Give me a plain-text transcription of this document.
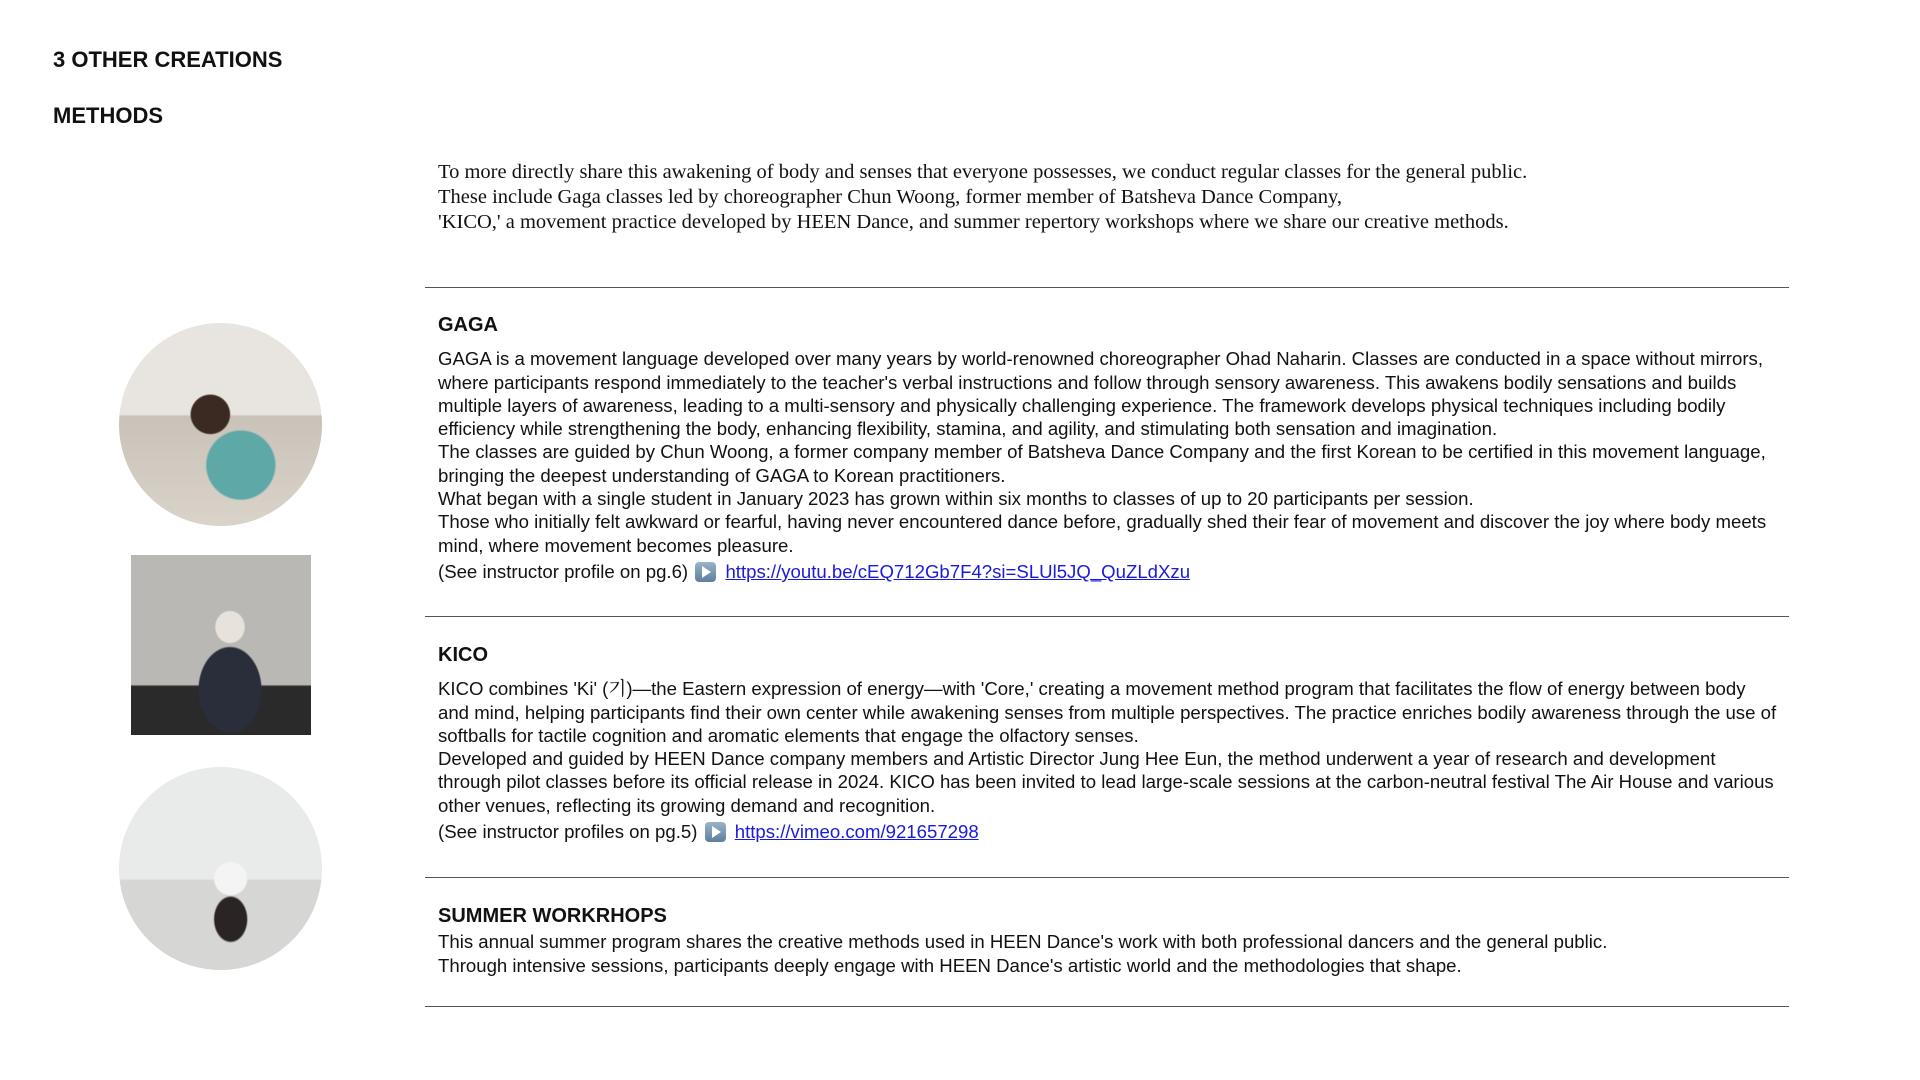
3 OTHER CREATIONS
METHODS
To more directly share this awakening of body and senses that everyone possesses, we conduct regular classes for the general public.
These include Gaga classes led by choreographer Chun Woong, former member of Batsheva Dance Company,
'KICO,' a movement practice developed by HEEN Dance, and summer repertory workshops where we share our creative methods.
GAGA

GAGA is a movement language developed over many years by world-renowned choreographer Ohad Naharin. Classes are conducted in a space without mirrors, where participants respond immediately to the teacher's verbal instructions and follow through sensory awareness. This awakens bodily sensations and builds multiple layers of awareness, leading to a multi-sensory and physically challenging experience. The framework develops physical techniques including bodily efficiency while strengthening the body, enhancing flexibility, stamina, and agility, and stimulating both sensation and imagination.

The classes are guided by Chun Woong, a former company member of Batsheva Dance Company and the first Korean to be certified in this movement language, bringing the deepest understanding of GAGA to Korean practitioners.

What began with a single student in January 2023 has grown within six months to classes of up to 20 participants per session.

Those who initially felt awkward or fearful, having never encountered dance before, gradually shed their fear of movement and discover the joy where body meets mind, where movement becomes pleasure.

(See instructor profile on pg.6) https://youtu.be/cEQ712Gb7F4?si=SLUl5JQ_QuZLdXzu

KICO

KICO combines 'Ki' (기)—the Eastern expression of energy—with 'Core,' creating a movement method program that facilitates the flow of energy between body and mind, helping participants find their own center while awakening senses from multiple perspectives. The practice enriches bodily awareness through the use of softballs for tactile cognition and aromatic elements that engage the olfactory senses.

Developed and guided by HEEN Dance company members and Artistic Director Jung Hee Eun, the method underwent a year of research and development through pilot classes before its official release in 2024. KICO has been invited to lead large-scale sessions at the carbon-neutral festival The Air House and various other venues, reflecting its growing demand and recognition.

(See instructor profiles on pg.5) https://vimeo.com/921657298

SUMMER WORKRHOPS

This annual summer program shares the creative methods used in HEEN Dance's work with both professional dancers and the general public.

Through intensive sessions, participants deeply engage with HEEN Dance's artistic world and the methodologies that shape.
